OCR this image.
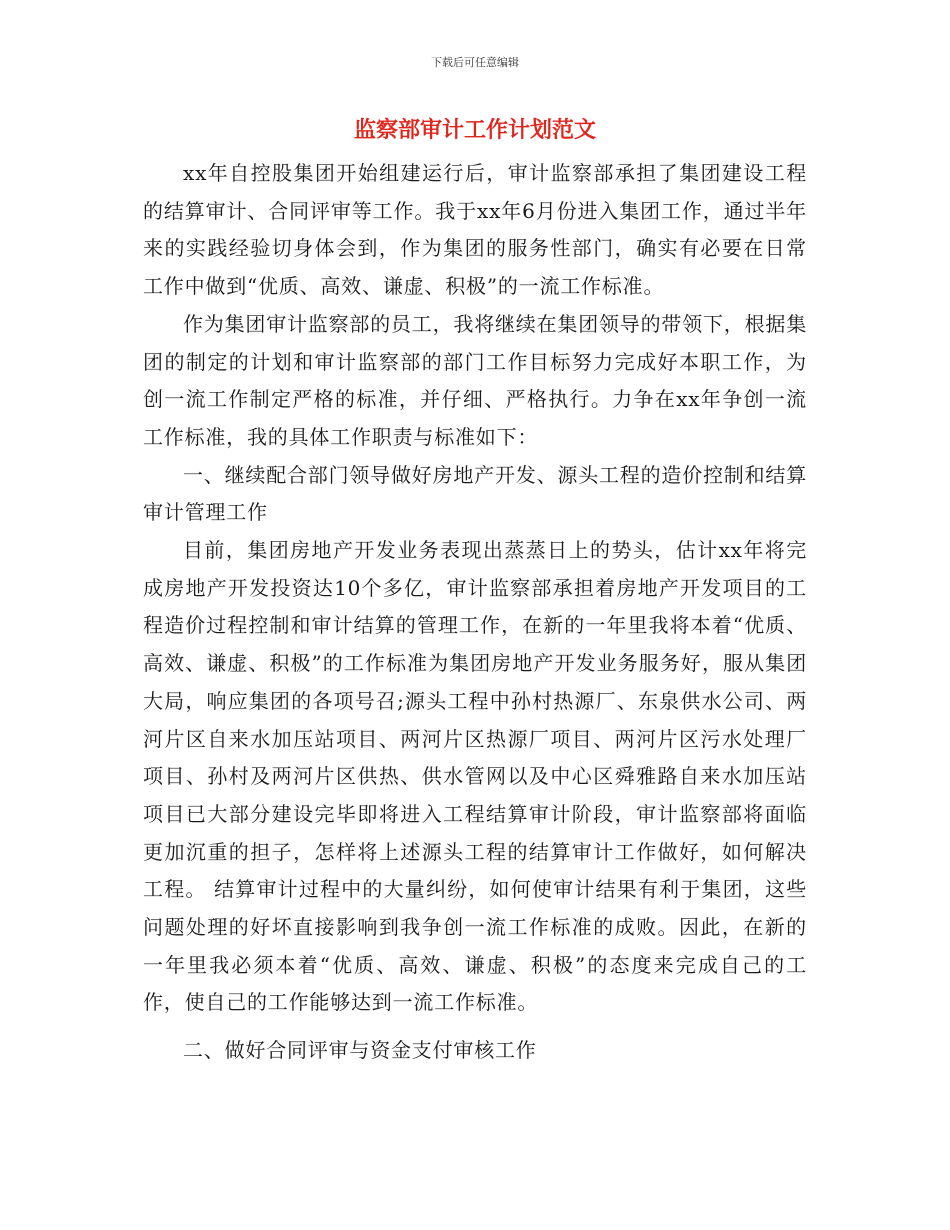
下载后可任意编辑
监察部审计工作计划范文

xx年自控股集团开始组建运行后，审计监察部承担了集团建设工程的结算审计、合同评审等工作。我于xx年6月份进入集团工作，通过半年来的实践经验切身体会到，作为集团的服务性部门，确实有必要在日常工作中做到“优质、高效、谦虚、积极”的一流工作标准。

作为集团审计监察部的员工，我将继续在集团领导的带领下，根据集团的制定的计划和审计监察部的部门工作目标努力完成好本职工作，为创一流工作制定严格的标准，并仔细、严格执行。力争在xx年争创一流工作标准，我的具体工作职责与标准如下：

一、继续配合部门领导做好房地产开发、源头工程的造价控制和结算审计管理工作

目前，集团房地产开发业务表现出蒸蒸日上的势头，估计xx年将完成房地产开发投资达10个多亿，审计监察部承担着房地产开发项目的工程造价过程控制和审计结算的管理工作，在新的一年里我将本着“优质、高效、谦虚、积极”的工作标准为集团房地产开发业务服务好，服从集团大局，响应集团的各项号召;源头工程中孙村热源厂、东泉供水公司、两河片区自来水加压站项目、两河片区热源厂项目、两河片区污水处理厂项目、孙村及两河片区供热、供水管网以及中心区舜雅路自来水加压站项目已大部分建设完毕即将进入工程结算审计阶段，审计监察部将面临更加沉重的担子，怎样将上述源头工程的结算审计工作做好，如何解决工程。 结算审计过程中的大量纠纷，如何使审计结果有利于集团，这些问题处理的好坏直接影响到我争创一流工作标准的成败。因此，在新的一年里我必须本着“优质、高效、谦虚、积极”的态度来完成自己的工作，使自己的工作能够达到一流工作标准。

二、做好合同评审与资金支付审核工作
